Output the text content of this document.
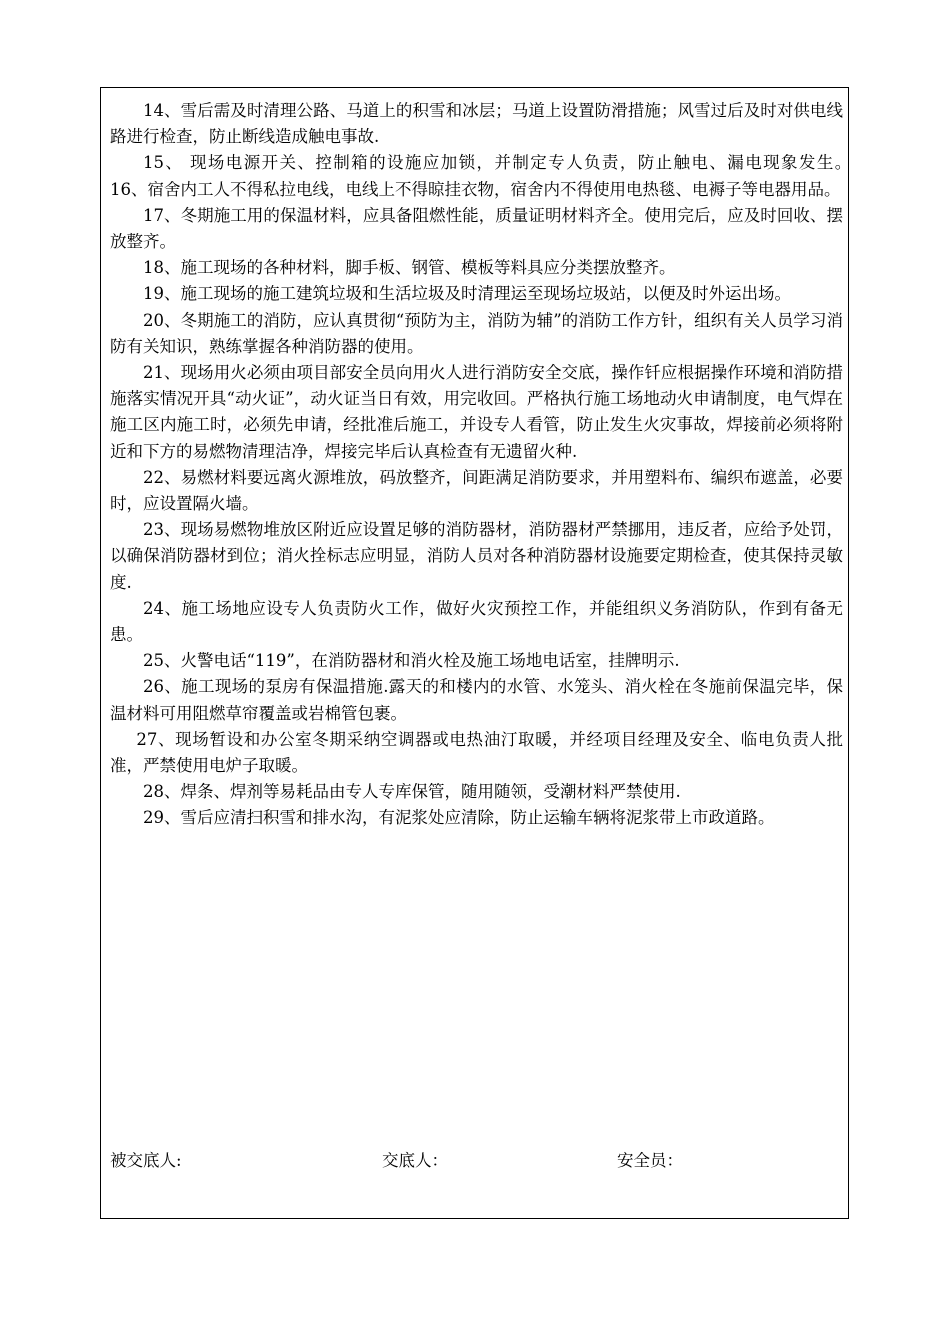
14、雪后需及时清理公路、马道上的积雪和冰层；马道上设置防滑措施；风雪过后及时对供电线路进行检查，防止断线造成触电事故.

15、 现场电源开关、控制箱的设施应加锁，并制定专人负责，防止触电、漏电现象发生。　　16、宿舍内工人不得私拉电线，电线上不得晾挂衣物，宿舍内不得使用电热毯、电褥子等电器用品。

17、冬期施工用的保温材料，应具备阻燃性能，质量证明材料齐全。使用完后，应及时回收、摆放整齐。

18、施工现场的各种材料，脚手板、钢管、模板等料具应分类摆放整齐。

19、施工现场的施工建筑垃圾和生活垃圾及时清理运至现场垃圾站，以便及时外运出场。

20、冬期施工的消防，应认真贯彻“预防为主，消防为辅”的消防工作方针，组织有关人员学习消防有关知识，熟练掌握各种消防器的使用。

21、现场用火必须由项目部安全员向用火人进行消防安全交底，操作钎应根据操作环境和消防措施落实情况开具“动火证”，动火证当日有效，用完收回。严格执行施工场地动火申请制度，电气焊在施工区内施工时，必须先申请，经批准后施工，并设专人看管，防止发生火灾事故，焊接前必须将附近和下方的易燃物清理洁净，焊接完毕后认真检查有无遗留火种.

22、易燃材料要远离火源堆放，码放整齐，间距满足消防要求，并用塑料布、编织布遮盖，必要时，应设置隔火墙。

23、现场易燃物堆放区附近应设置足够的消防器材，消防器材严禁挪用，违反者，应给予处罚，以确保消防器材到位；消火拴标志应明显，消防人员对各种消防器材设施要定期检查，使其保持灵敏度.

24、施工场地应设专人负责防火工作，做好火灾预控工作，并能组织义务消防队，作到有备无患。

25、火警电话“119”，在消防器材和消火栓及施工场地电话室，挂牌明示.

26、施工现场的泵房有保温措施.露天的和楼内的水管、水笼头、消火栓在冬施前保温完毕，保温材料可用阻燃草帘覆盖或岩棉管包裹。

27、现场暂设和办公室冬期采纳空调器或电热油汀取暖，并经项目经理及安全、临电负责人批准，严禁使用电炉子取暖。

28、焊条、焊剂等易耗品由专人专库保管，随用随领，受潮材料严禁使用.

29、雪后应清扫积雪和排水沟，有泥浆处应清除，防止运输车辆将泥浆带上市政道路。

被交底人:	交底人：	安全员：
